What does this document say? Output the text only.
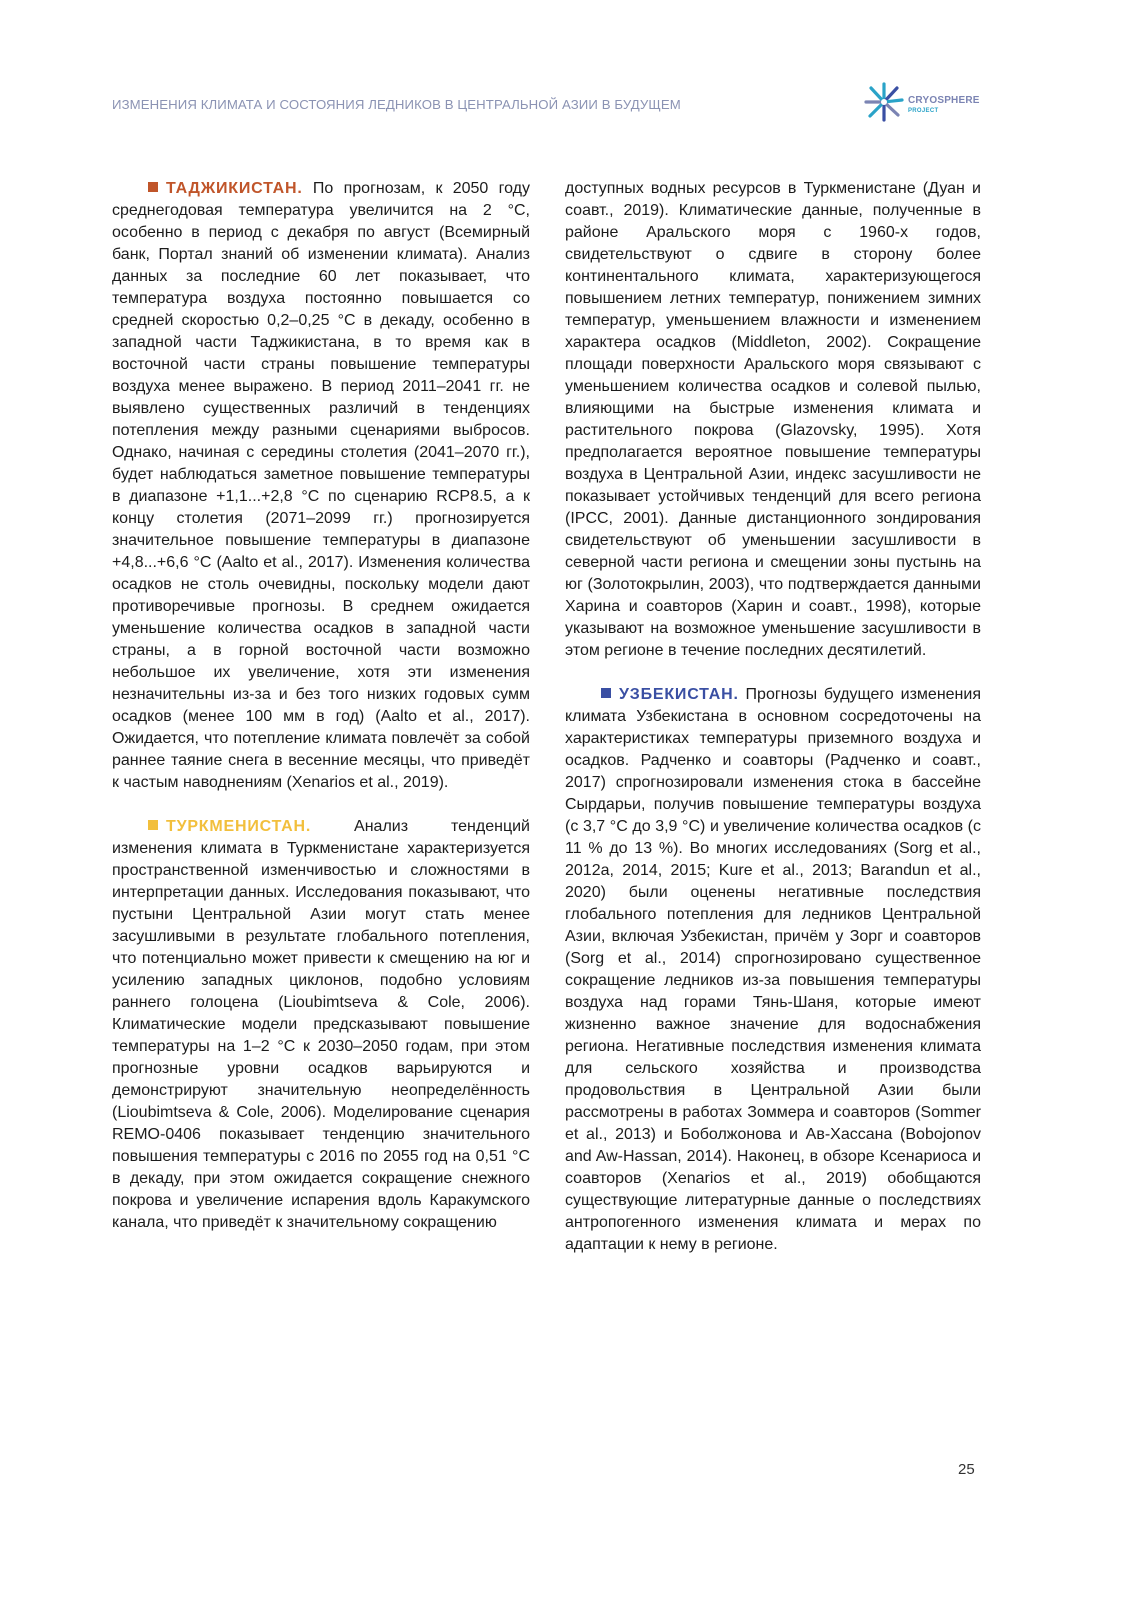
ИЗМЕНЕНИЯ КЛИМАТА И СОСТОЯНИЯ ЛЕДНИКОВ В ЦЕНТРАЛЬНОЙ АЗИИ В БУДУЩЕМ	CRYOSPHERE
PROJECT

ТАДЖИКИСТАН. По прогнозам, к 2050 году среднегодовая температура увеличится на 2 °C, особенно в период с декабря по август (Всемирный банк, Портал знаний об изменении климата). Анализ данных за последние 60 лет показывает, что температура воздуха постоянно повышается со средней скоростью 0,2–0,25 °C в декаду, особенно в западной части Таджикистана, в то время как в восточной части страны повышение температуры воздуха менее выражено. В период 2011–2041 гг. не выявлено существенных различий в тенденциях потепления между разными сценариями выбросов. Однако, начиная с середины столетия (2041–2070 гг.), будет наблюдаться заметное повышение температуры в диапазоне +1,1...+2,8 °C по сценарию RCP8.5, а к концу столетия (2071–2099 гг.) прогнозируется значительное повышение температуры в диапазоне +4,8...+6,6 °C (Aalto et al., 2017). Изменения количества осадков не столь очевидны, поскольку модели дают противоречивые прогнозы. В среднем ожидается уменьшение количества осадков в западной части страны, а в горной восточной части возможно небольшое их увеличение, хотя эти изменения незначительны из-за и без того низких годовых сумм осадков (менее 100 мм в год) (Aalto et al., 2017). Ожидается, что потепление климата повлечёт за собой раннее таяние снега в весенние месяцы, что приведёт к частым наводнениям (Xenarios et al., 2019).

ТУРКМЕНИСТАН. Анализ тенденций изменения климата в Туркменистане характеризуется пространственной изменчивостью и сложностями в интерпретации данных. Исследования показывают, что пустыни Центральной Азии могут стать менее засушливыми в результате глобального потепления, что потенциально может привести к смещению на юг и усилению западных циклонов, подобно условиям раннего голоцена (Lioubimtseva & Cole, 2006). Климатические модели предсказывают повышение температуры на 1–2 °C к 2030–2050 годам, при этом прогнозные уровни осадков варьируются и демонстрируют значительную неопределённость (Lioubimtseva & Cole, 2006). Моделирование сценария REMO-0406 показывает тенденцию значительного повышения температуры с 2016 по 2055 год на 0,51 °C в декаду, при этом ожидается сокращение снежного покрова и увеличение испарения вдоль Каракумского канала, что приведёт к значительному сокращению

доступных водных ресурсов в Туркменистане (Дуан и соавт., 2019). Климатические данные, полученные в районе Аральского моря с 1960-х годов, свидетельствуют о сдвиге в сторону более континентального климата, характеризующегося повышением летних температур, понижением зимних температур, уменьшением влажности и изменением характера осадков (Middleton, 2002). Сокращение площади поверхности Аральского моря связывают с уменьшением количества осадков и солевой пылью, влияющими на быстрые изменения климата и растительного покрова (Glazovsky, 1995). Хотя предполагается вероятное повышение температуры воздуха в Центральной Азии, индекс засушливости не показывает устойчивых тенденций для всего региона (IPCC, 2001). Данные дистанционного зондирования свидетельствуют об уменьшении засушливости в северной части региона и смещении зоны пустынь на юг (Золотокрылин, 2003), что подтверждается данными Харина и соавторов (Харин и соавт., 1998), которые указывают на возможное уменьшение засушливости в этом регионе в течение последних десятилетий.

УЗБЕКИСТАН. Прогнозы будущего изменения климата Узбекистана в основном сосредоточены на характеристиках температуры приземного воздуха и осадков. Радченко и соавторы (Радченко и соавт., 2017) спрогнозировали изменения стока в бассейне Сырдарьи, получив повышение температуры воздуха (с 3,7 °C до 3,9 °C) и увеличение количества осадков (с 11 % до 13 %). Во многих исследованиях (Sorg et al., 2012a, 2014, 2015; Kure et al., 2013; Barandun et al., 2020) были оценены негативные последствия глобального потепления для ледников Центральной Азии, включая Узбекистан, причём у Зорг и соавторов (Sorg et al., 2014) спрогнозировано существенное сокращение ледников из-за повышения температуры воздуха над горами Тянь-Шаня, которые имеют жизненно важное значение для водоснабжения региона. Негативные последствия изменения климата для сельского хозяйства и производства продовольствия в Центральной Азии были рассмотрены в работах Зоммера и соавторов (Sommer et al., 2013) и Боболжонова и Ав-Хассана (Bobojonov and Aw-Hassan, 2014). Наконец, в обзоре Ксенариоса и соавторов (Xenarios et al., 2019) обобщаются существующие литературные данные о последствиях антропогенного изменения климата и мерах по адаптации к нему в регионе.

25
